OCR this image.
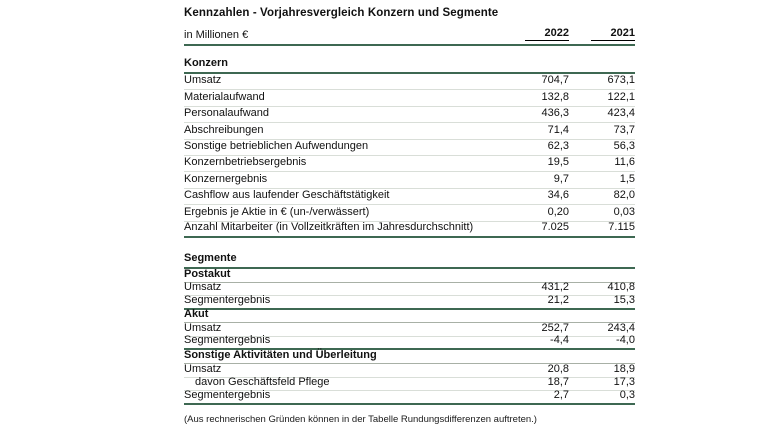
Kennzahlen - Vorjahresvergleich Konzern und Segmente
in Millionen €	2022	2021
Konzern
Umsatz	704,7	673,1
Materialaufwand	132,8	122,1
Personalaufwand	436,3	423,4
Abschreibungen	71,4	73,7
Sonstige betrieblichen Aufwendungen	62,3	56,3
Konzernbetriebsergebnis	19,5	11,6
Konzernergebnis	9,7	1,5
Cashflow aus laufender Geschäftstätigkeit	34,6	82,0
Ergebnis je Aktie in € (un-/verwässert)	0,20	0,03
Anzahl Mitarbeiter (in Vollzeitkräften im Jahresdurchschnitt)	7.025	7.115
Segmente
Postakut
Umsatz	431,2	410,8
Segmentergebnis	21,2	15,3
Akut
Umsatz	252,7	243,4
Segmentergebnis	-4,4	-4,0
Sonstige Aktivitäten und Überleitung
Umsatz	20,8	18,9
davon Geschäftsfeld Pflege	18,7	17,3
Segmentergebnis	2,7	0,3
(Aus rechnerischen Gründen können in der Tabelle Rundungsdifferenzen auftreten.)
